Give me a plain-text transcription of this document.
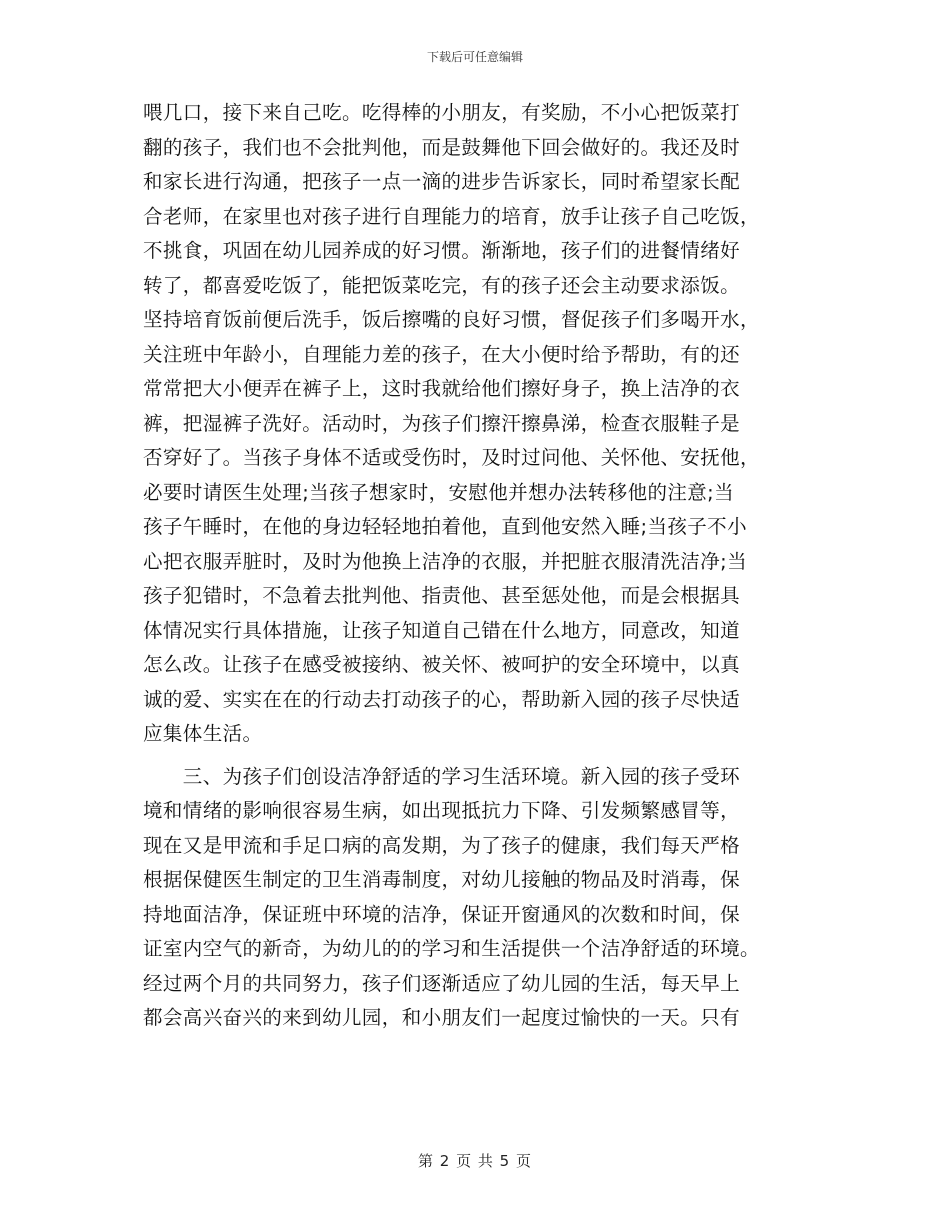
下载后可任意编辑
喂几口，接下来自己吃。吃得棒的小朋友，有奖励，不小心把饭菜打
翻的孩子，我们也不会批判他，而是鼓舞他下回会做好的。我还及时
和家长进行沟通，把孩子一点一滴的进步告诉家长，同时希望家长配
合老师，在家里也对孩子进行自理能力的培育，放手让孩子自己吃饭，
不挑食，巩固在幼儿园养成的好习惯。渐渐地，孩子们的进餐情绪好
转了，都喜爱吃饭了，能把饭菜吃完，有的孩子还会主动要求添饭。
坚持培育饭前便后洗手，饭后擦嘴的良好习惯，督促孩子们多喝开水，
关注班中年龄小，自理能力差的孩子，在大小便时给予帮助，有的还
常常把大小便弄在裤子上，这时我就给他们擦好身子，换上洁净的衣
裤，把湿裤子洗好。活动时，为孩子们擦汗擦鼻涕，检查衣服鞋子是
否穿好了。当孩子身体不适或受伤时，及时过问他、关怀他、安抚他，
必要时请医生处理;当孩子想家时，安慰他并想办法转移他的注意;当
孩子午睡时，在他的身边轻轻地拍着他，直到他安然入睡;当孩子不小
心把衣服弄脏时，及时为他换上洁净的衣服，并把脏衣服清洗洁净;当
孩子犯错时，不急着去批判他、指责他、甚至惩处他，而是会根据具
体情况实行具体措施，让孩子知道自己错在什么地方，同意改，知道
怎么改。让孩子在感受被接纳、被关怀、被呵护的安全环境中，以真
诚的爱、实实在在的行动去打动孩子的心，帮助新入园的孩子尽快适
应集体生活。
　　三、为孩子们创设洁净舒适的学习生活环境。新入园的孩子受环
境和情绪的影响很容易生病，如出现抵抗力下降、引发频繁感冒等，
现在又是甲流和手足口病的高发期，为了孩子的健康，我们每天严格
根据保健医生制定的卫生消毒制度，对幼儿接触的物品及时消毒，保
持地面洁净，保证班中环境的洁净，保证开窗通风的次数和时间，保
证室内空气的新奇，为幼儿的的学习和生活提供一个洁净舒适的环境。
经过两个月的共同努力，孩子们逐渐适应了幼儿园的生活，每天早上
都会高兴奋兴的来到幼儿园，和小朋友们一起度过愉快的一天。只有
第 2 页 共 5 页
